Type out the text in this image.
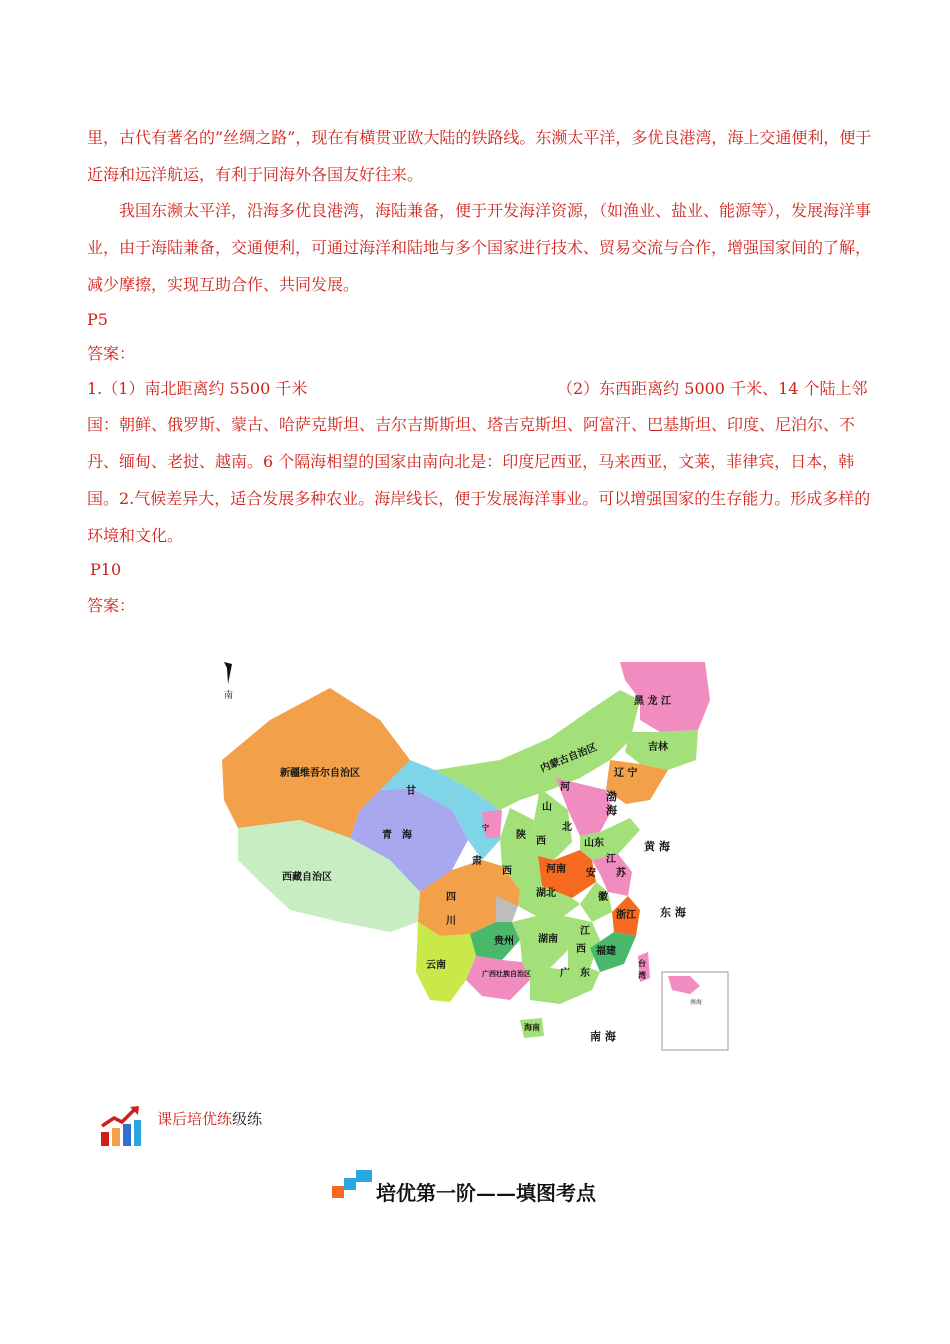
里，古代有著名的”丝绸之路”，现在有横贯亚欧大陆的铁路线。东濒太平洋，多优良港湾，海上交通便利，便于近海和远洋航运，有利于同海外各国友好往来。

我国东濒太平洋，沿海多优良港湾，海陆兼备，便于开发海洋资源，（如渔业、盐业、能源等），发展海洋事业，由于海陆兼备，交通便利，可通过海洋和陆地与多个国家进行技术、贸易交流与合作，增强国家间的了解，减少摩擦，实现互助合作、共同发展。

P5
答案：
1.（1）南北距离约 5500 千米	（2）东西距离约 5000 千米、14 个陆上邻

国：朝鲜、俄罗斯、蒙古、哈萨克斯坦、吉尔吉斯斯坦、塔吉克斯坦、阿富汗、巴基斯坦、印度、尼泊尔、不丹、缅甸、老挝、越南。6 个隔海相望的国家由南向北是：印度尼西亚，马来西亚，文莱，菲律宾，日本，韩国。2.气候差异大，适合发展多种农业。海岸线长，便于发展海洋事业。可以增强国家的生存能力。形成多样的环境和文化。

P10
答案：
南	黑 龙 江
吉林
辽 宁
内蒙古自治区
新疆维吾尔自治区
甘
肃
青　海
西藏自治区
四
川
云南
贵州 湖南
湖北
河南
陕
西
山
西
河
北
山东
江
苏
安
徽
浙江
江
西 福建
广　东
广西壮族自治区
海南
台
湾
宁
南海
渤
海
黄 海
东 海
南 海
课后培优练级练
培优第一阶——填图考点
